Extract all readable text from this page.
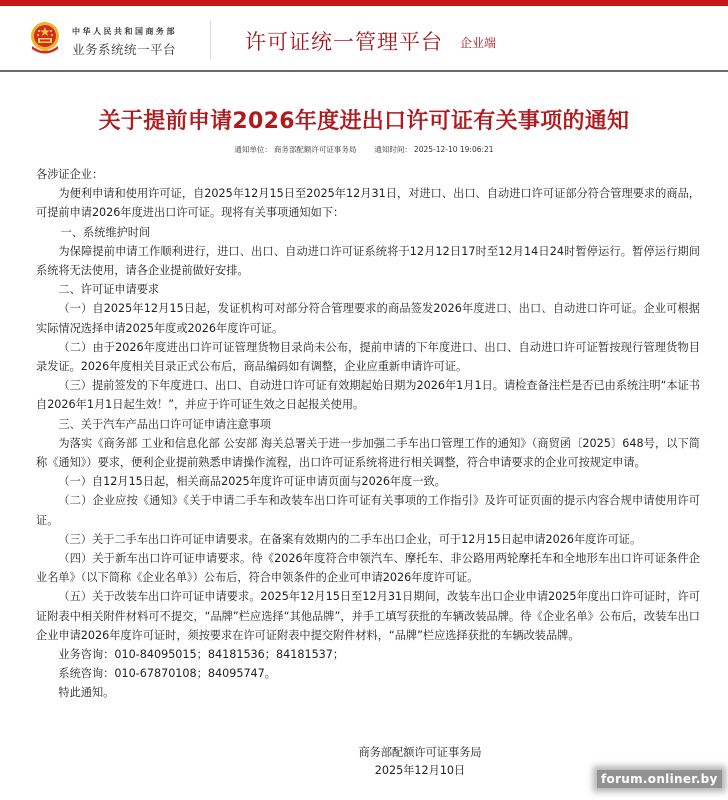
中华人民共和国商务部
业务系统统一平台	许可证统一管理平台 企业端
关于提前申请2026年度进出口许可证有关事项的通知
通知单位： 商务部配额许可证事务局 通知时间： 2025-12-10 19:06:21

各涉证企业：

为便利申请和使用许可证，自2025年12月15日至2025年12月31日，对进口、出口、自动进口许可证部分符合管理要求的商品，可提前申请2026年度进出口许可证。现将有关事项通知如下：

一、系统维护时间

为保障提前申请工作顺利进行，进口、出口、自动进口许可证系统将于12月12日17时至12月14日24时暂停运行。暂停运行期间系统将无法使用，请各企业提前做好安排。

二、许可证申请要求

（一）自2025年12月15日起，发证机构可对部分符合管理要求的商品签发2026年度进口、出口、自动进口许可证。企业可根据实际情况选择申请2025年度或2026年度许可证。

（二）由于2026年度进出口许可证管理货物目录尚未公布，提前申请的下年度进口、出口、自动进口许可证暂按现行管理货物目录发证。2026年度相关目录正式公布后，商品编码如有调整，企业应重新申请许可证。

（三）提前签发的下年度进口、出口、自动进口许可证有效期起始日期为2026年1月1日。请检查备注栏是否已由系统注明“本证书自2026年1月1日起生效！”，并应于许可证生效之日起报关使用。

三、关于汽车产品出口许可证申请注意事项

为落实《商务部 工业和信息化部 公安部 海关总署关于进一步加强二手车出口管理工作的通知》（商贸函〔2025〕648号，以下简称《通知》）要求，便利企业提前熟悉申请操作流程，出口许可证系统将进行相关调整，符合申请要求的企业可按规定申请。

（一）自12月15日起，相关商品2025年度许可证申请页面与2026年度一致。

（二）企业应按《通知》《关于申请二手车和改装车出口许可证有关事项的工作指引》及许可证页面的提示内容合规申请使用许可证。

（三）关于二手车出口许可证申请要求。在备案有效期内的二手车出口企业，可于12月15日起申请2026年度许可证。

（四）关于新车出口许可证申请要求。待《2026年度符合申领汽车、摩托车、非公路用两轮摩托车和全地形车出口许可证条件企业名单》（以下简称《企业名单》）公布后，符合申领条件的企业可申请2026年度许可证。

（五）关于改装车出口许可证申请要求。2025年12月15日至12月31日期间，改装车出口企业申请2025年度出口许可证时，许可证附表中相关附件材料可不提交，“品牌”栏应选择“其他品牌”，并手工填写获批的车辆改装品牌。待《企业名单》公布后，改装车出口企业申请2026年度许可证时，须按要求在许可证附表中提交附件材料，“品牌”栏应选择获批的车辆改装品牌。

业务咨询：010-84095015；84181536；84181537；

系统咨询：010-67870108；84095747。

特此通知。

商务部配额许可证事务局
2025年12月10日
forum.onliner.by
